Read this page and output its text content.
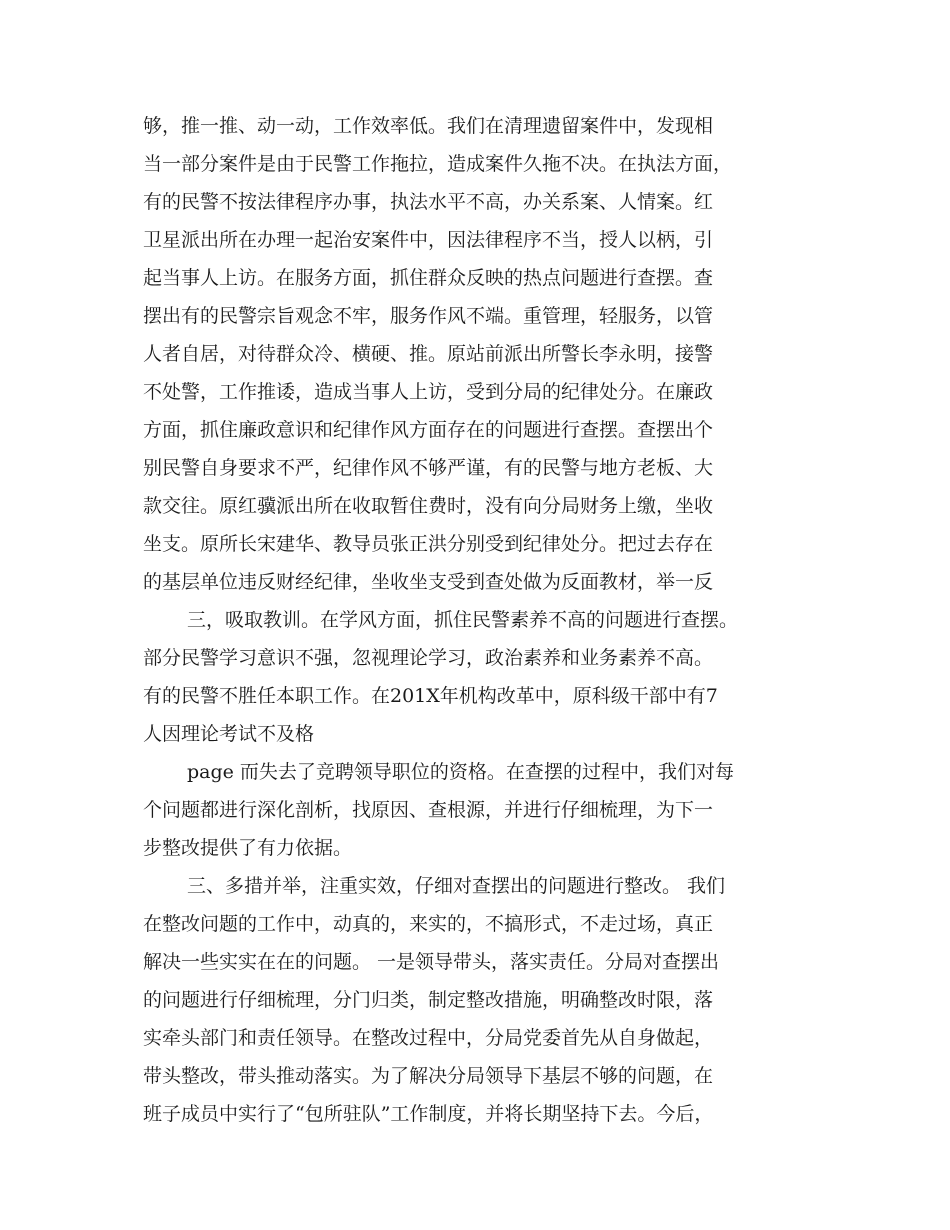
够，推一推、动一动，工作效率低。我们在清理遗留案件中，发现相
当一部分案件是由于民警工作拖拉，造成案件久拖不决。在执法方面，
有的民警不按法律程序办事，执法水平不高，办关系案、人情案。红
卫星派出所在办理一起治安案件中，因法律程序不当，授人以柄，引
起当事人上访。在服务方面，抓住群众反映的热点问题进行查摆。查
摆出有的民警宗旨观念不牢，服务作风不端。重管理，轻服务，以管
人者自居，对待群众冷、横硬、推。原站前派出所警长李永明，接警
不处警，工作推诿，造成当事人上访，受到分局的纪律处分。在廉政
方面，抓住廉政意识和纪律作风方面存在的问题进行查摆。查摆出个
别民警自身要求不严，纪律作风不够严谨，有的民警与地方老板、大
款交往。原红骥派出所在收取暂住费时，没有向分局财务上缴，坐收
坐支。原所长宋建华、教导员张正洪分别受到纪律处分。把过去存在
的基层单位违反财经纪律，坐收坐支受到查处做为反面教材，举一反
三，吸取教训。在学风方面，抓住民警素养不高的问题进行查摆。
部分民警学习意识不强，忽视理论学习，政治素养和业务素养不高。
有的民警不胜任本职工作。在201X年机构改革中，原科级干部中有7
人因理论考试不及格
page 而失去了竞聘领导职位的资格。在查摆的过程中，我们对每
个问题都进行深化剖析，找原因、查根源，并进行仔细梳理，为下一
步整改提供了有力依据。
三、多措并举，注重实效，仔细对查摆出的问题进行整改。 我们
在整改问题的工作中，动真的，来实的，不搞形式，不走过场，真正
解决一些实实在在的问题。 一是领导带头，落实责任。分局对查摆出
的问题进行仔细梳理，分门归类，制定整改措施，明确整改时限，落
实牵头部门和责任领导。在整改过程中，分局党委首先从自身做起，
带头整改，带头推动落实。为了解决分局领导下基层不够的问题，在
班子成员中实行了“包所驻队”工作制度，并将长期坚持下去。今后，
